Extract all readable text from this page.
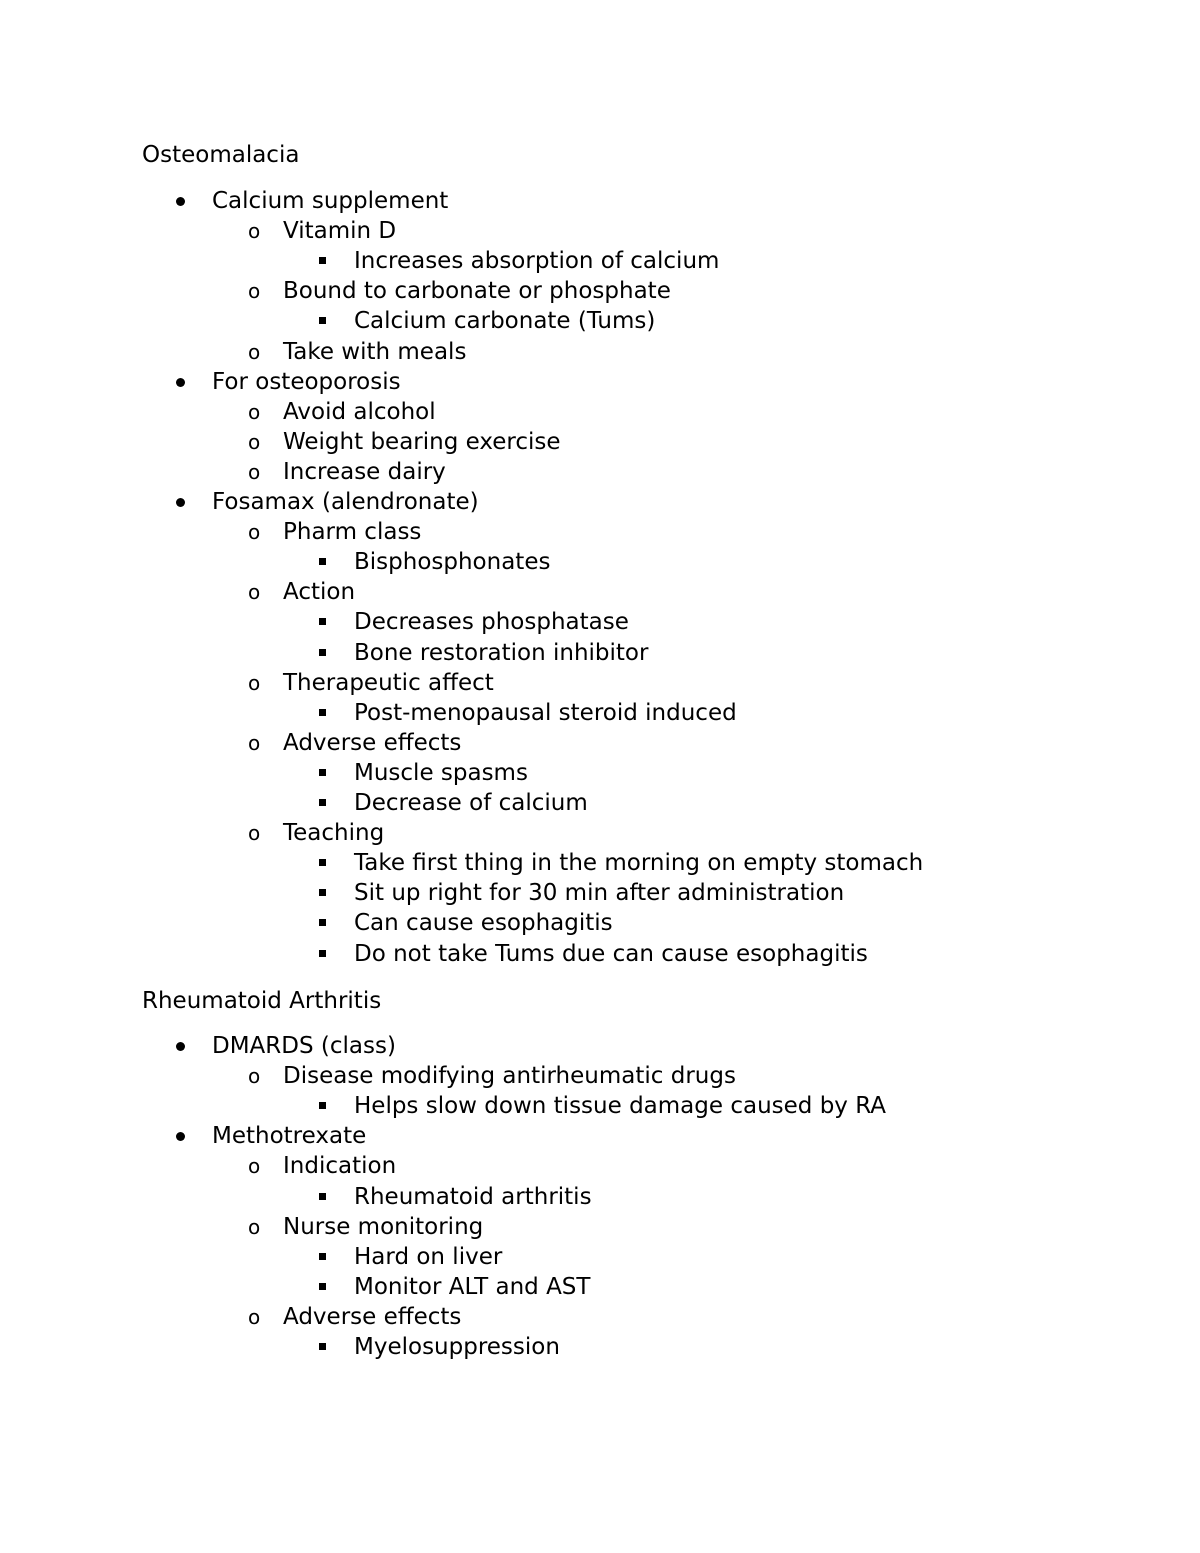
Osteomalacia
Calcium supplement
o Vitamin D
Increases absorption of calcium
o Bound to carbonate or phosphate
Calcium carbonate (Tums)
o Take with meals
For osteoporosis
o Avoid alcohol
o Weight bearing exercise
o Increase dairy
Fosamax (alendronate)
o Pharm class
Bisphosphonates
o Action
Decreases phosphatase
Bone restoration inhibitor
o Therapeutic affect
Post-menopausal steroid induced
o Adverse effects
Muscle spasms
Decrease of calcium
o Teaching
Take first thing in the morning on empty stomach
Sit up right for 30 min after administration
Can cause esophagitis
Do not take Tums due can cause esophagitis
Rheumatoid Arthritis
DMARDS (class)
o Disease modifying antirheumatic drugs
Helps slow down tissue damage caused by RA
Methotrexate
o Indication
Rheumatoid arthritis
o Nurse monitoring
Hard on liver
Monitor ALT and AST
o Adverse effects
Myelosuppression
